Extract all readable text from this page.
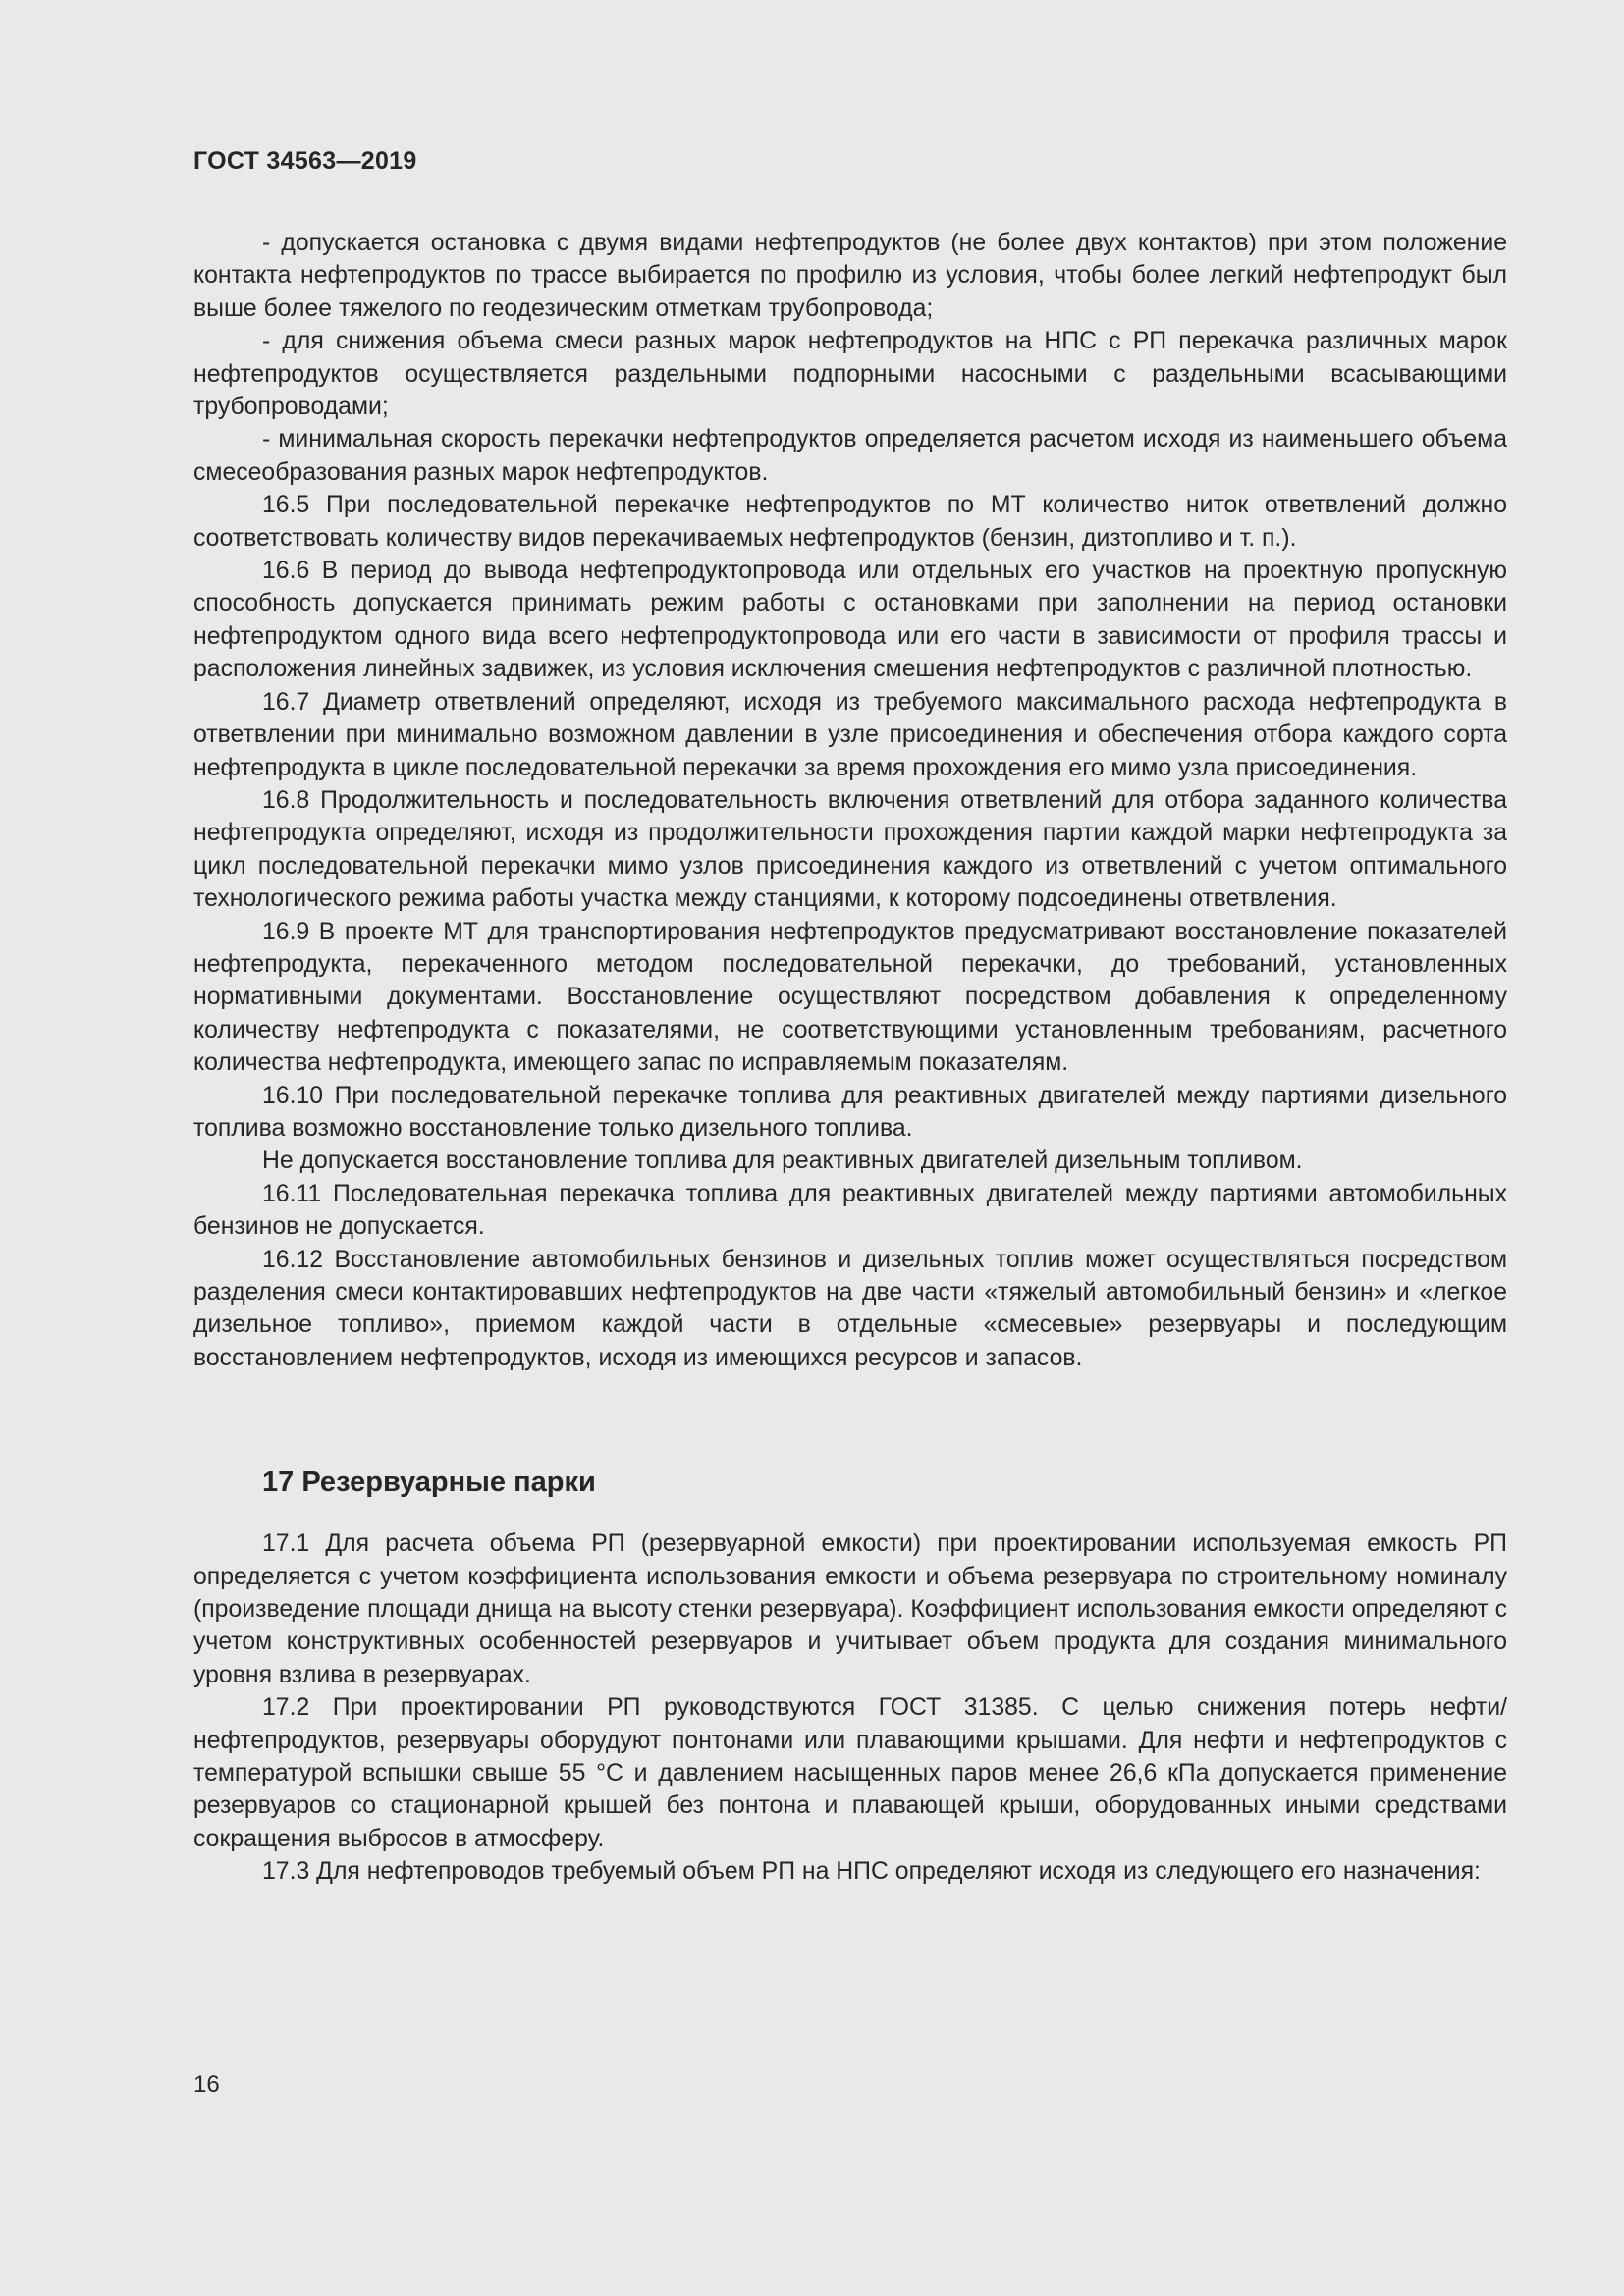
ГОСТ 34563—2019

- допускается остановка с двумя видами нефтепродуктов (не более двух контактов) при этом положение контакта нефтепродуктов по трассе выбирается по профилю из условия, чтобы более легкий нефтепродукт был выше более тяжелого по геодезическим отметкам трубопровода;

- для снижения объема смеси разных марок нефтепродуктов на НПС с РП перекачка различных марок нефтепродуктов осуществляется раздельными подпорными насосными с раздельными всасывающими трубопроводами;

- минимальная скорость перекачки нефтепродуктов определяется расчетом исходя из наименьшего объема смесеобразования разных марок нефтепродуктов.

16.5 При последовательной перекачке нефтепродуктов по МТ количество ниток ответвлений должно соответствовать количеству видов перекачиваемых нефтепродуктов (бензин, дизтопливо и т. п.).

16.6 В период до вывода нефтепродуктопровода или отдельных его участков на проектную пропускную способность допускается принимать режим работы с остановками при заполнении на период остановки нефтепродуктом одного вида всего нефтепродуктопровода или его части в зависимости от профиля трассы и расположения линейных задвижек, из условия исключения смешения нефтепродуктов с различной плотностью.

16.7 Диаметр ответвлений определяют, исходя из требуемого максимального расхода нефтепродукта в ответвлении при минимально возможном давлении в узле присоединения и обеспечения отбора каждого сорта нефтепродукта в цикле последовательной перекачки за время прохождения его мимо узла присоединения.

16.8 Продолжительность и последовательность включения ответвлений для отбора заданного количества нефтепродукта определяют, исходя из продолжительности прохождения партии каждой марки нефтепродукта за цикл последовательной перекачки мимо узлов присоединения каждого из ответвлений с учетом оптимального технологического режима работы участка между станциями, к которому подсоединены ответвления.

16.9 В проекте МТ для транспортирования нефтепродуктов предусматривают восстановление показателей нефтепродукта, перекаченного методом последовательной перекачки, до требований, установленных нормативными документами. Восстановление осуществляют посредством добавления к определенному количеству нефтепродукта с показателями, не соответствующими установленным требованиям, расчетного количества нефтепродукта, имеющего запас по исправляемым показателям.

16.10 При последовательной перекачке топлива для реактивных двигателей между партиями дизельного топлива возможно восстановление только дизельного топлива.

Не допускается восстановление топлива для реактивных двигателей дизельным топливом.

16.11 Последовательная перекачка топлива для реактивных двигателей между партиями автомобильных бензинов не допускается.

16.12 Восстановление автомобильных бензинов и дизельных топлив может осуществляться посредством разделения смеси контактировавших нефтепродуктов на две части «тяжелый автомобильный бензин» и «легкое дизельное топливо», приемом каждой части в отдельные «смесевые» резервуары и последующим восстановлением нефтепродуктов, исходя из имеющихся ресурсов и запасов.

17 Резервуарные парки

17.1 Для расчета объема РП (резервуарной емкости) при проектировании используемая емкость РП определяется с учетом коэффициента использования емкости и объема резервуара по строительному номиналу (произведение площади днища на высоту стенки резервуара). Коэффициент использования емкости определяют с учетом конструктивных особенностей резервуаров и учитывает объем продукта для создания минимального уровня взлива в резервуарах.

17.2 При проектировании РП руководствуются ГОСТ 31385. С целью снижения потерь нефти/ нефтепродуктов, резервуары оборудуют понтонами или плавающими крышами. Для нефти и нефтепродуктов с температурой вспышки свыше 55 °С и давлением насыщенных паров менее 26,6 кПа допускается применение резервуаров со стационарной крышей без понтона и плавающей крыши, оборудованных иными средствами сокращения выбросов в атмосферу.

17.3 Для нефтепроводов требуемый объем РП на НПС определяют исходя из следующего его назначения:

16
